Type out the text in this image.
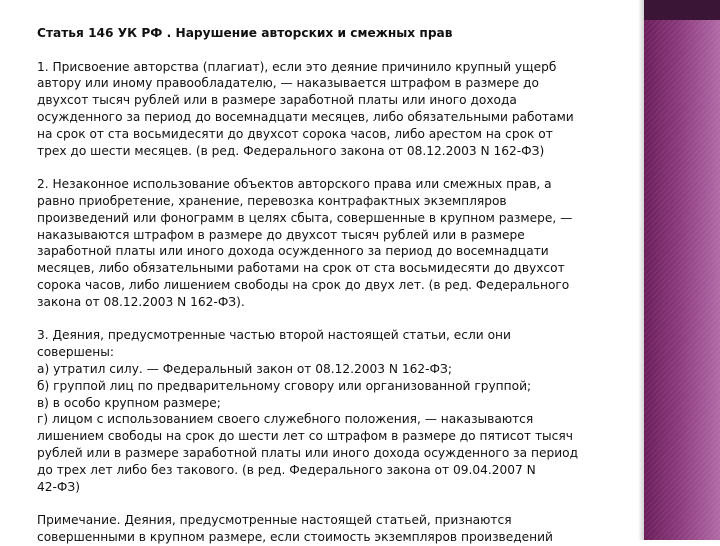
Статья 146 УК РФ . Нарушение авторских и смежных прав

1. Присвоение авторства (плагиат), если это деяние причинило крупный ущерб
автору или иному правообладателю, — наказывается штрафом в размере до
двухсот тысяч рублей или в размере заработной платы или иного дохода
осужденного за период до восемнадцати месяцев, либо обязательными работами
на срок от ста восьмидесяти до двухсот сорока часов, либо арестом на срок от
трех до шести месяцев. (в ред. Федерального закона от 08.12.2003 N 162-ФЗ)

2. Незаконное использование объектов авторского права или смежных прав, а
равно приобретение, хранение, перевозка контрафактных экземпляров
произведений или фонограмм в целях сбыта, совершенные в крупном размере, —
наказываются штрафом в размере до двухсот тысяч рублей или в размере
заработной платы или иного дохода осужденного за период до восемнадцати
месяцев, либо обязательными работами на срок от ста восьмидесяти до двухсот
сорока часов, либо лишением свободы на срок до двух лет. (в ред. Федерального
закона от 08.12.2003 N 162-ФЗ).

3. Деяния, предусмотренные частью второй настоящей статьи, если они
совершены:
а) утратил силу. — Федеральный закон от 08.12.2003 N 162-ФЗ;
б) группой лиц по предварительному сговору или организованной группой;
в) в особо крупном размере;
г) лицом с использованием своего служебного положения, — наказываются
лишением свободы на срок до шести лет со штрафом в размере до пятисот тысяч
рублей или в размере заработной платы или иного дохода осужденного за период
до трех лет либо без такового. (в ред. Федерального закона от 09.04.2007 N
42-ФЗ)

Примечание. Деяния, предусмотренные настоящей статьей, признаются
совершенными в крупном размере, если стоимость экземпляров произведений
